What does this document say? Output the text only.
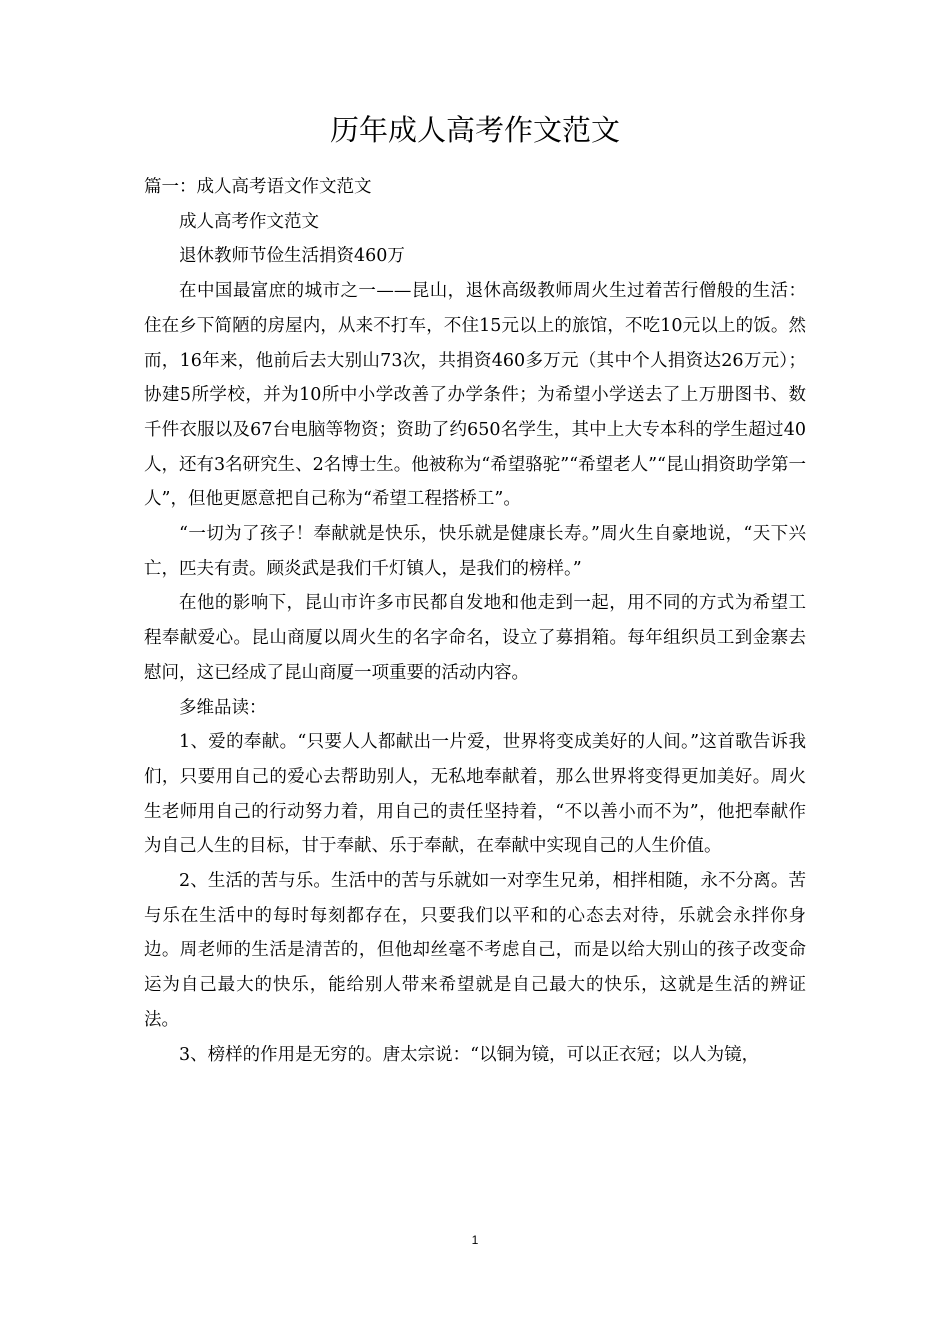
历年成人高考作文范文

篇一：成人高考语文作文范文

成人高考作文范文

退休教师节俭生活捐资460万

在中国最富庶的城市之一——昆山，退休高级教师周火生过着苦行僧般的生活：住在乡下简陋的房屋内，从来不打车，不住15元以上的旅馆，不吃10元以上的饭。然而，16年来，他前后去大别山73次，共捐资460多万元（其中个人捐资达26万元）；协建5所学校，并为10所中小学改善了办学条件；为希望小学送去了上万册图书、数千件衣服以及67台电脑等物资；资助了约650名学生，其中上大专本科的学生超过40人，还有3名研究生、2名博士生。他被称为“希望骆驼”“希望老人”“昆山捐资助学第一人”，但他更愿意把自己称为“希望工程搭桥工”。

“一切为了孩子！奉献就是快乐，快乐就是健康长寿。”周火生自豪地说，“天下兴亡，匹夫有责。顾炎武是我们千灯镇人，是我们的榜样。”

在他的影响下，昆山市许多市民都自发地和他走到一起，用不同的方式为希望工程奉献爱心。昆山商厦以周火生的名字命名，设立了募捐箱。每年组织员工到金寨去慰问，这已经成了昆山商厦一项重要的活动内容。

多维品读：

1、爱的奉献。“只要人人都献出一片爱，世界将变成美好的人间。”这首歌告诉我们，只要用自己的爱心去帮助别人，无私地奉献着，那么世界将变得更加美好。周火生老师用自己的行动努力着，用自己的责任坚持着，“不以善小而不为”，他把奉献作为自己人生的目标，甘于奉献、乐于奉献，在奉献中实现自己的人生价值。

2、生活的苦与乐。生活中的苦与乐就如一对孪生兄弟，相拌相随，永不分离。苦与乐在生活中的每时每刻都存在，只要我们以平和的心态去对待，乐就会永拌你身边。周老师的生活是清苦的，但他却丝毫不考虑自己，而是以给大别山的孩子改变命运为自己最大的快乐，能给别人带来希望就是自己最大的快乐，这就是生活的辨证法。

3、榜样的作用是无穷的。唐太宗说：“以铜为镜，可以正衣冠；以人为镜，

1
